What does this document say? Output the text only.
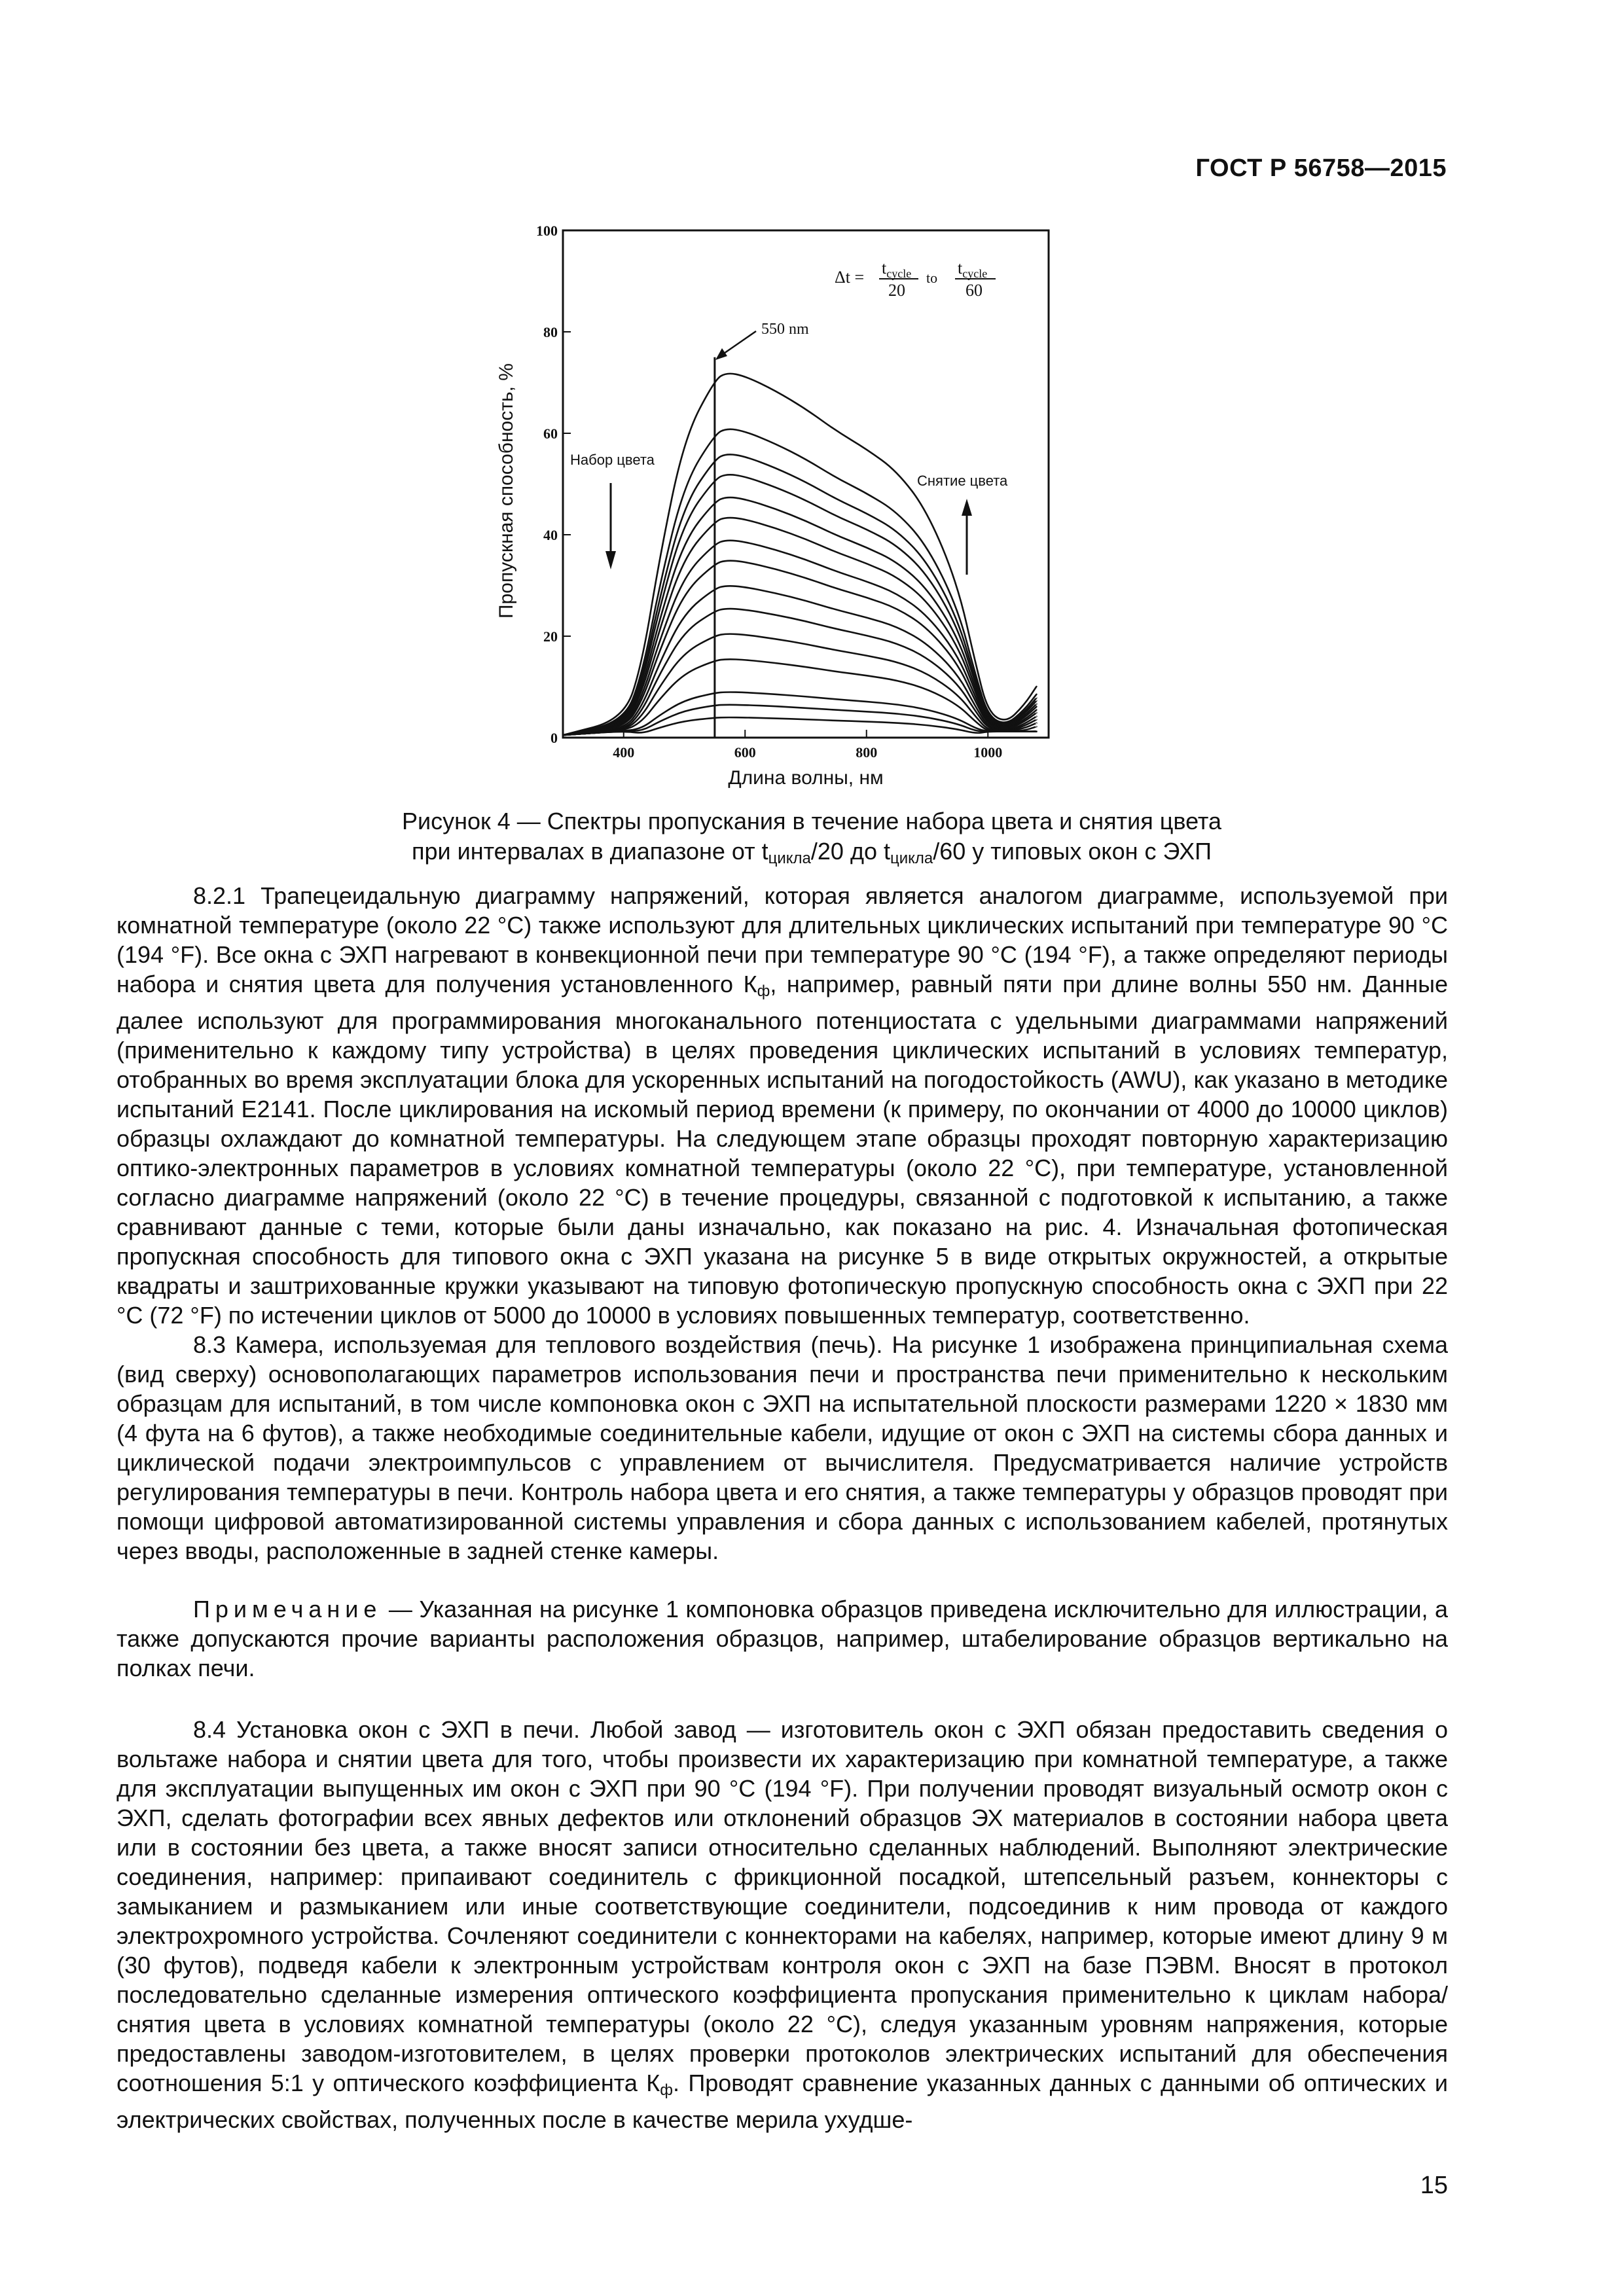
ГОСТ Р 56758—2015
400	600	800	1000
0
20
40
60
80
100
550 nm
$\Delta t = t_{cycle}$
20
to
$t_{cycle}$
60
Набор цвета
Снятие цвета
Длина волны, нм
Пропускная способность, %
Рисунок 4 — Спектры пропускания в течение набора цвета и снятия цвета
при интервалах в диапазоне от $t_{цикла}/20$ до $t_{цикла}/60$ у типовых окон с ЭХП

8.2.1 Трапецеидальную диаграмму напряжений, которая является аналогом диаграмме, используемой при комнатной температуре (около 22 °С) также используют для длительных циклических испытаний при температуре 90 °С (194 °F). Все окна с ЭХП нагревают в конвекционной печи при температуре 90 °С (194 °F), а также определяют периоды набора и снятия цвета для получения установленного $К_ф$, например, равный пяти при длине волны 550 нм. Данные далее используют для программирования многоканального потенциостата с удельными диаграммами напряжений (применительно к каждому типу устройства) в целях проведения циклических испытаний в условиях температур, отобранных во время эксплуатации блока для ускоренных испытаний на погодостойкость (AWU), как указано в методике испытаний Е2141. После циклирования на искомый период времени (к примеру, по окончании от 4000 до 10000 циклов) образцы охлаждают до комнатной температуры. На следующем этапе образцы проходят повторную характеризацию оптико-электронных параметров в условиях комнатной температуры (около 22 °С), при температуре, установленной согласно диаграмме напряжений (около 22 °С) в течение процедуры, связанной с подготовкой к испытанию, а также сравнивают данные с теми, которые были даны изначально, как показано на рис. 4. Изначальная фотопическая пропускная способность для типового окна с ЭХП указана на рисунке 5 в виде открытых окружностей, а открытые квадраты и заштрихованные кружки указывают на типовую фотопическую пропускную способность окна с ЭХП при 22 °С (72 °F) по истечении циклов от 5000 до 10000 в условиях повышенных температур, соответственно.

8.3 Камера, используемая для теплового воздействия (печь). На рисунке 1 изображена принципиальная схема (вид сверху) основополагающих параметров использования печи и пространства печи применительно к нескольким образцам для испытаний, в том числе компоновка окон с ЭХП на испытательной плоскости размерами 1220 × 1830 мм (4 фута на 6 футов), а также необходимые соединительные кабели, идущие от окон с ЭХП на системы сбора данных и циклической подачи электроимпульсов с управлением от вычислителя. Предусматривается наличие устройств регулирования температуры в печи. Контроль набора цвета и его снятия, а также температуры у образцов проводят при помощи цифровой автоматизированной системы управления и сбора данных с использованием кабелей, протянутых через вводы, расположенные в задней стенке камеры.

Примечание — Указанная на рисунке 1 компоновка образцов приведена исключительно для иллюстрации, а также допускаются прочие варианты расположения образцов, например, штабелирование образцов вертикально на полках печи.

8.4 Установка окон с ЭХП в печи. Любой завод — изготовитель окон с ЭХП обязан предоставить сведения о вольтаже набора и снятии цвета для того, чтобы произвести их характеризацию при комнатной температуре, а также для эксплуатации выпущенных им окон с ЭХП при 90 °С (194 °F). При получении проводят визуальный осмотр окон с ЭХП, сделать фотографии всех явных дефектов или отклонений образцов ЭХ материалов в состоянии набора цвета или в состоянии без цвета, а также вносят записи относительно сделанных наблюдений. Выполняют электрические соединения, например: припаивают соединитель с фрикционной посадкой, штепсельный разъем, коннекторы с замыканием и размыканием или иные соответствующие соединители, подсоединив к ним провода от каждого электрохромного устройства. Сочленяют соединители с коннекторами на кабелях, например, которые имеют длину 9 м (30 футов), подведя кабели к электронным устройствам контроля окон с ЭХП на базе ПЭВМ. Вносят в протокол последовательно сделанные измерения оптического коэффициента пропускания применительно к циклам набора/снятия цвета в условиях комнатной температуры (около 22 °С), следуя указанным уровням напряжения, которые предоставлены заводом-изготовителем, в целях проверки протоколов электрических испытаний для обеспечения соотношения 5:1 у оптического коэффициента $К_ф$. Проводят сравнение указанных данных с данными об оптических и электрических свойствах, полученных после в качестве мерила ухудше-

15
